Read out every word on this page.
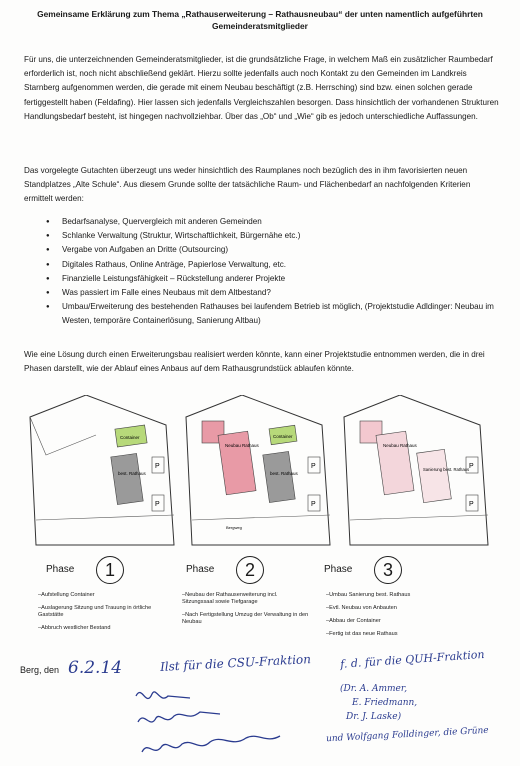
Gemeinsame Erklärung zum Thema „Rathauserweiterung – Rathausneubau“ der unten namentlich aufgeführten Gemeinderatsmitglieder
Für uns, die unterzeichnenden Gemeinderatsmitglieder, ist die grundsätzliche Frage, in welchem Maß ein zusätzlicher Raumbedarf erforderlich ist, noch nicht abschließend geklärt. Hierzu sollte jedenfalls auch noch Kontakt zu den Gemeinden im Landkreis Starnberg aufgenommen werden, die gerade mit einem Neubau beschäftigt (z.B. Herrsching) sind bzw. einen solchen gerade fertiggestellt haben (Feldafing). Hier lassen sich jedenfalls Vergleichszahlen besorgen. Dass hinsichtlich der vorhandenen Strukturen Handlungsbedarf besteht, ist hingegen nachvollziehbar. Über das „Ob“ und „Wie“ gib es jedoch unterschiedliche Auffassungen.
Das vorgelegte Gutachten überzeugt uns weder hinsichtlich des Raumplanes noch bezüglich des in ihm favorisierten neuen Standplatzes „Alte Schule“. Aus diesem Grunde sollte der tatsächliche Raum- und Flächenbedarf an nachfolgenden Kriterien ermittelt werden:
● Bedarfsanalyse, Quervergleich mit anderen Gemeinden
● Schlanke Verwaltung (Struktur, Wirtschaftlichkeit, Bürgernähe etc.)
● Vergabe von Aufgaben an Dritte (Outsourcing)
● Digitales Rathaus, Online Anträge, Papierlose Verwaltung, etc.
● Finanzielle Leistungsfähigkeit – Rückstellung anderer Projekte
● Was passiert im Falle eines Neubaus mit dem Altbestand?
● Umbau/Erweiterung des bestehenden Rathauses bei laufendem Betrieb ist möglich, (Projektstudie Adldinger: Neubau im Westen, temporäre Containerlösung, Sanierung Altbau)
Wie eine Lösung durch einen Erweiterungsbau realisiert werden könnte, kann einer Projektstudie entnommen werden, die in drei Phasen darstellt, wie der Ablauf eines Anbaus auf dem Rathausgrundstück ablaufen könnte.
Container
best. Rathaus
P
P
Neubau Rathaus
Container
best. Rathaus
Bergweg
P
P
Neubau Rathaus
Sanierung best. Rathaus P
P
Phase	1	Phase	2	Phase	3
–Aufstellung Container
–Auslagerung Sitzung und Trauung in örtliche Gaststätte
–Abbruch westlicher Bestand
–Neubau der Rathauserweiterung incl. Sitzungssaal sowie Tiefgarage
–Nach Fertigstellung Umzug der Verwaltung in den Neubau
–Umbau Sanierung best. Rathaus
–Evtl. Neubau von Anbauten
–Abbau der Container
–Fertig ist das neue Rathaus
Berg, den 6.2.14	Ilst für die CSU-Fraktion	f. d. für die QUH-Fraktion
(Dr. A. Ammer,
E. Friedmann,
Dr. J. Laske)
und Wolfgang Folldinger, die Grüne
